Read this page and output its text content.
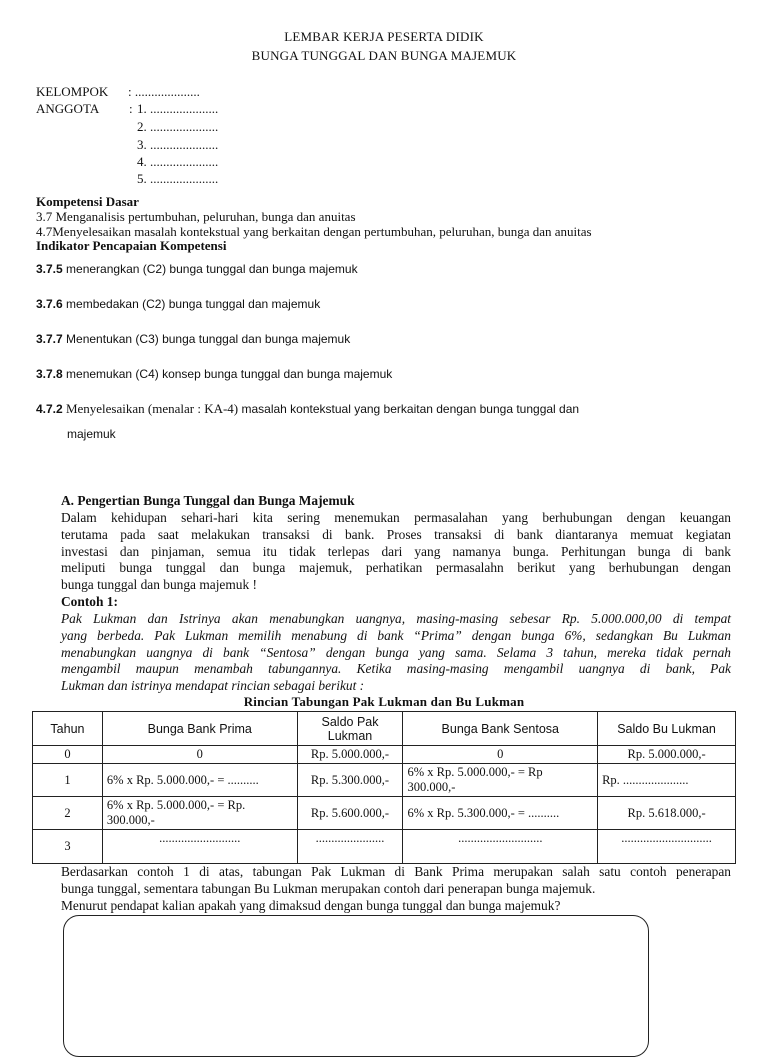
LEMBAR KERJA PESERTA DIDIK
BUNGA TUNGGAL DAN BUNGA MAJEMUK
KELOMPOK : ....................
ANGGOTA : 1. .....................
2. .....................
3. .....................
4. .....................
5. .....................
Kompetensi Dasar
3.7 Menganalisis pertumbuhan, peluruhan, bunga dan anuitas
4.7Menyelesaikan masalah kontekstual yang berkaitan dengan pertumbuhan, peluruhan, bunga dan anuitas
Indikator Pencapaian Kompetensi
3.7.5 menerangkan (C2) bunga tunggal dan bunga majemuk
3.7.6 membedakan (C2) bunga tunggal dan majemuk
3.7.7 Menentukan (C3) bunga tunggal dan bunga majemuk
3.7.8 menemukan (C4) konsep bunga tunggal dan bunga majemuk
4.7.2 Menyelesaikan (menalar : KA-4) masalah kontekstual yang berkaitan dengan bunga tunggal dan
majemuk
A. Pengertian Bunga Tunggal dan Bunga Majemuk
Dalam kehidupan sehari-hari kita sering menemukan permasalahan yang berhubungan dengan keuangan
terutama pada saat melakukan transaksi di bank. Proses transaksi di bank diantaranya memuat kegiatan
investasi dan pinjaman, semua itu tidak terlepas dari yang namanya bunga. Perhitungan bunga di bank
meliputi bunga tunggal dan bunga majemuk, perhatikan permasalahn berikut yang berhubungan dengan
bunga tunggal dan bunga majemuk !
Contoh 1:
Pak Lukman dan Istrinya akan menabungkan uangnya, masing-masing sebesar Rp. 5.000.000,00 di tempat
yang berbeda. Pak Lukman memilih menabung di bank “Prima” dengan bunga 6%, sedangkan Bu Lukman
menabungkan uangnya di bank “Sentosa” dengan bunga yang sama. Selama 3 tahun, mereka tidak pernah
mengambil maupun menambah tabungannya. Ketika masing-masing mengambil uangnya di bank, Pak
Lukman dan istrinya mendapat rincian sebagai berikut :
Rincian Tabungan Pak Lukman dan Bu Lukman
Tahun	Bunga Bank Prima	Saldo Pak Lukman	Bunga Bank Sentosa	Saldo Bu Lukman
0	0	Rp. 5.000.000,-	0	Rp. 5.000.000,-
1	6% x Rp. 5.000.000,- = ..........	Rp. 5.300.000,-	6% x Rp. 5.000.000,- = Rp 300.000,-	Rp. .....................
2	6% x Rp. 5.000.000,- = Rp. 300.000,-	Rp. 5.600.000,-	6% x Rp. 5.300.000,- = ..........	Rp. 5.618.000,-
3	..........................	......................	...........................	.............................
Berdasarkan contoh 1 di atas, tabungan Pak Lukman di Bank Prima merupakan salah satu contoh penerapan
bunga tunggal, sementara tabungan Bu Lukman merupakan contoh dari penerapan bunga majemuk.
Menurut pendapat kalian apakah yang dimaksud dengan bunga tunggal dan bunga majemuk?
